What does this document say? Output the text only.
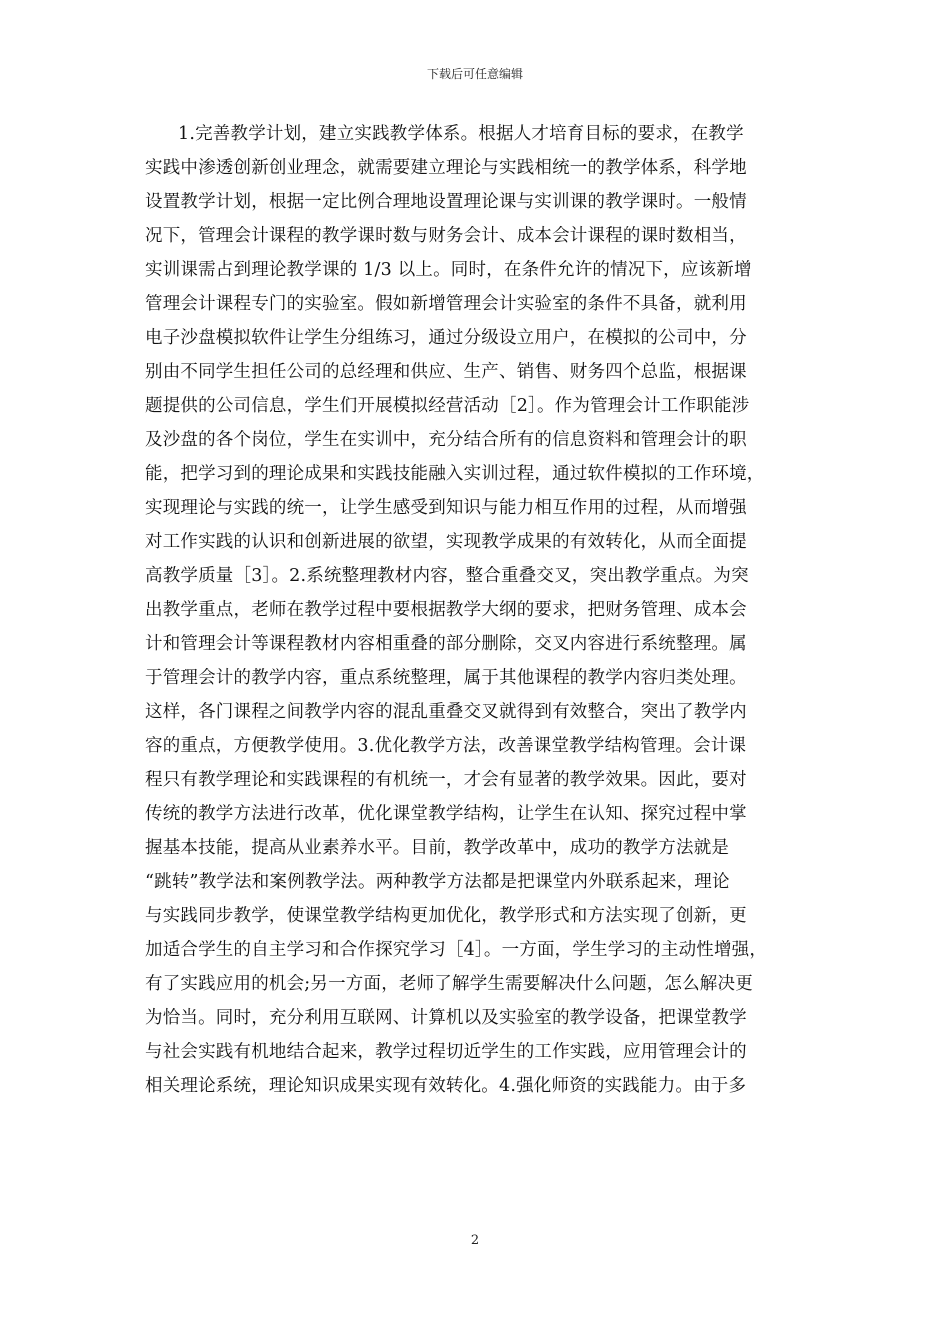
下载后可任意编辑
1.完善教学计划，建立实践教学体系。根据人才培育目标的要求，在教学
实践中渗透创新创业理念，就需要建立理论与实践相统一的教学体系，科学地
设置教学计划，根据一定比例合理地设置理论课与实训课的教学课时。一般情
况下，管理会计课程的教学课时数与财务会计、成本会计课程的课时数相当，
实训课需占到理论教学课的 1/3 以上。同时，在条件允许的情况下，应该新增
管理会计课程专门的实验室。假如新增管理会计实验室的条件不具备，就利用
电子沙盘模拟软件让学生分组练习，通过分级设立用户，在模拟的公司中，分
别由不同学生担任公司的总经理和供应、生产、销售、财务四个总监，根据课
题提供的公司信息，学生们开展模拟经营活动［2］。作为管理会计工作职能涉
及沙盘的各个岗位，学生在实训中，充分结合所有的信息资料和管理会计的职
能，把学习到的理论成果和实践技能融入实训过程，通过软件模拟的工作环境，
实现理论与实践的统一，让学生感受到知识与能力相互作用的过程，从而增强
对工作实践的认识和创新进展的欲望，实现教学成果的有效转化，从而全面提
高教学质量［3］。2.系统整理教材内容，整合重叠交叉，突出教学重点。为突
出教学重点，老师在教学过程中要根据教学大纲的要求，把财务管理、成本会
计和管理会计等课程教材内容相重叠的部分删除，交叉内容进行系统整理。属
于管理会计的教学内容，重点系统整理，属于其他课程的教学内容归类处理。
这样，各门课程之间教学内容的混乱重叠交叉就得到有效整合，突出了教学内
容的重点，方便教学使用。3.优化教学方法，改善课堂教学结构管理。会计课
程只有教学理论和实践课程的有机统一，才会有显著的教学效果。因此，要对
传统的教学方法进行改革，优化课堂教学结构，让学生在认知、探究过程中掌
握基本技能，提高从业素养水平。目前，教学改革中，成功的教学方法就是
“跳转”教学法和案例教学法。两种教学方法都是把课堂内外联系起来，理论
与实践同步教学，使课堂教学结构更加优化，教学形式和方法实现了创新，更
加适合学生的自主学习和合作探究学习［4］。一方面，学生学习的主动性增强，
有了实践应用的机会;另一方面，老师了解学生需要解决什么问题，怎么解决更
为恰当。同时，充分利用互联网、计算机以及实验室的教学设备，把课堂教学
与社会实践有机地结合起来，教学过程切近学生的工作实践，应用管理会计的
相关理论系统，理论知识成果实现有效转化。4.强化师资的实践能力。由于多
2
